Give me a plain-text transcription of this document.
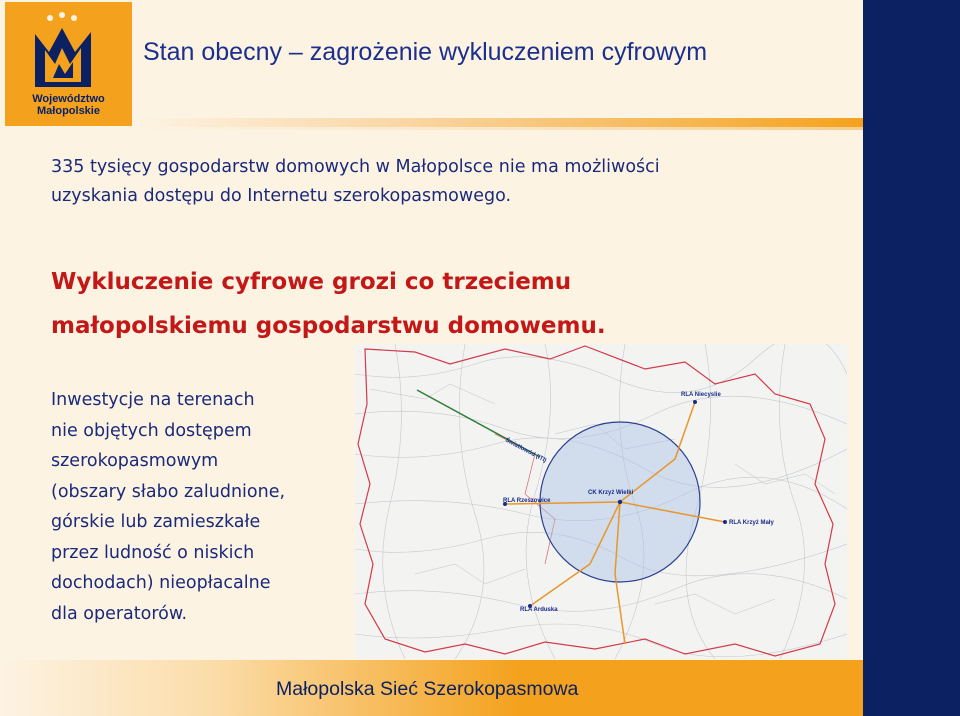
Województwo
Małopolskie
Stan obecny – zagrożenie wykluczeniem cyfrowym
335 tysięcy gospodarstw domowych w Małopolsce nie ma możliwości
uzyskania dostępu do Internetu szerokopasmowego.
Wykluczenie cyfrowe grozi co trzeciemu
małopolskiemu gospodarstwu domowemu.
Inwestycje na terenach
nie objętych dostępem
szerokopasmowym
(obszary słabo zaludnione,
górskie lub zamieszkałe
przez ludność o niskich
dochodach) nieopłacalne
dla operatorów.
RLA Niecyslie
RLA Rzeszowice
CK Krzyż Wielki
RLA Krzyż Mały
RLA Arduska
Światłowód (ITI)
Małopolska Sieć Szerokopasmowa
